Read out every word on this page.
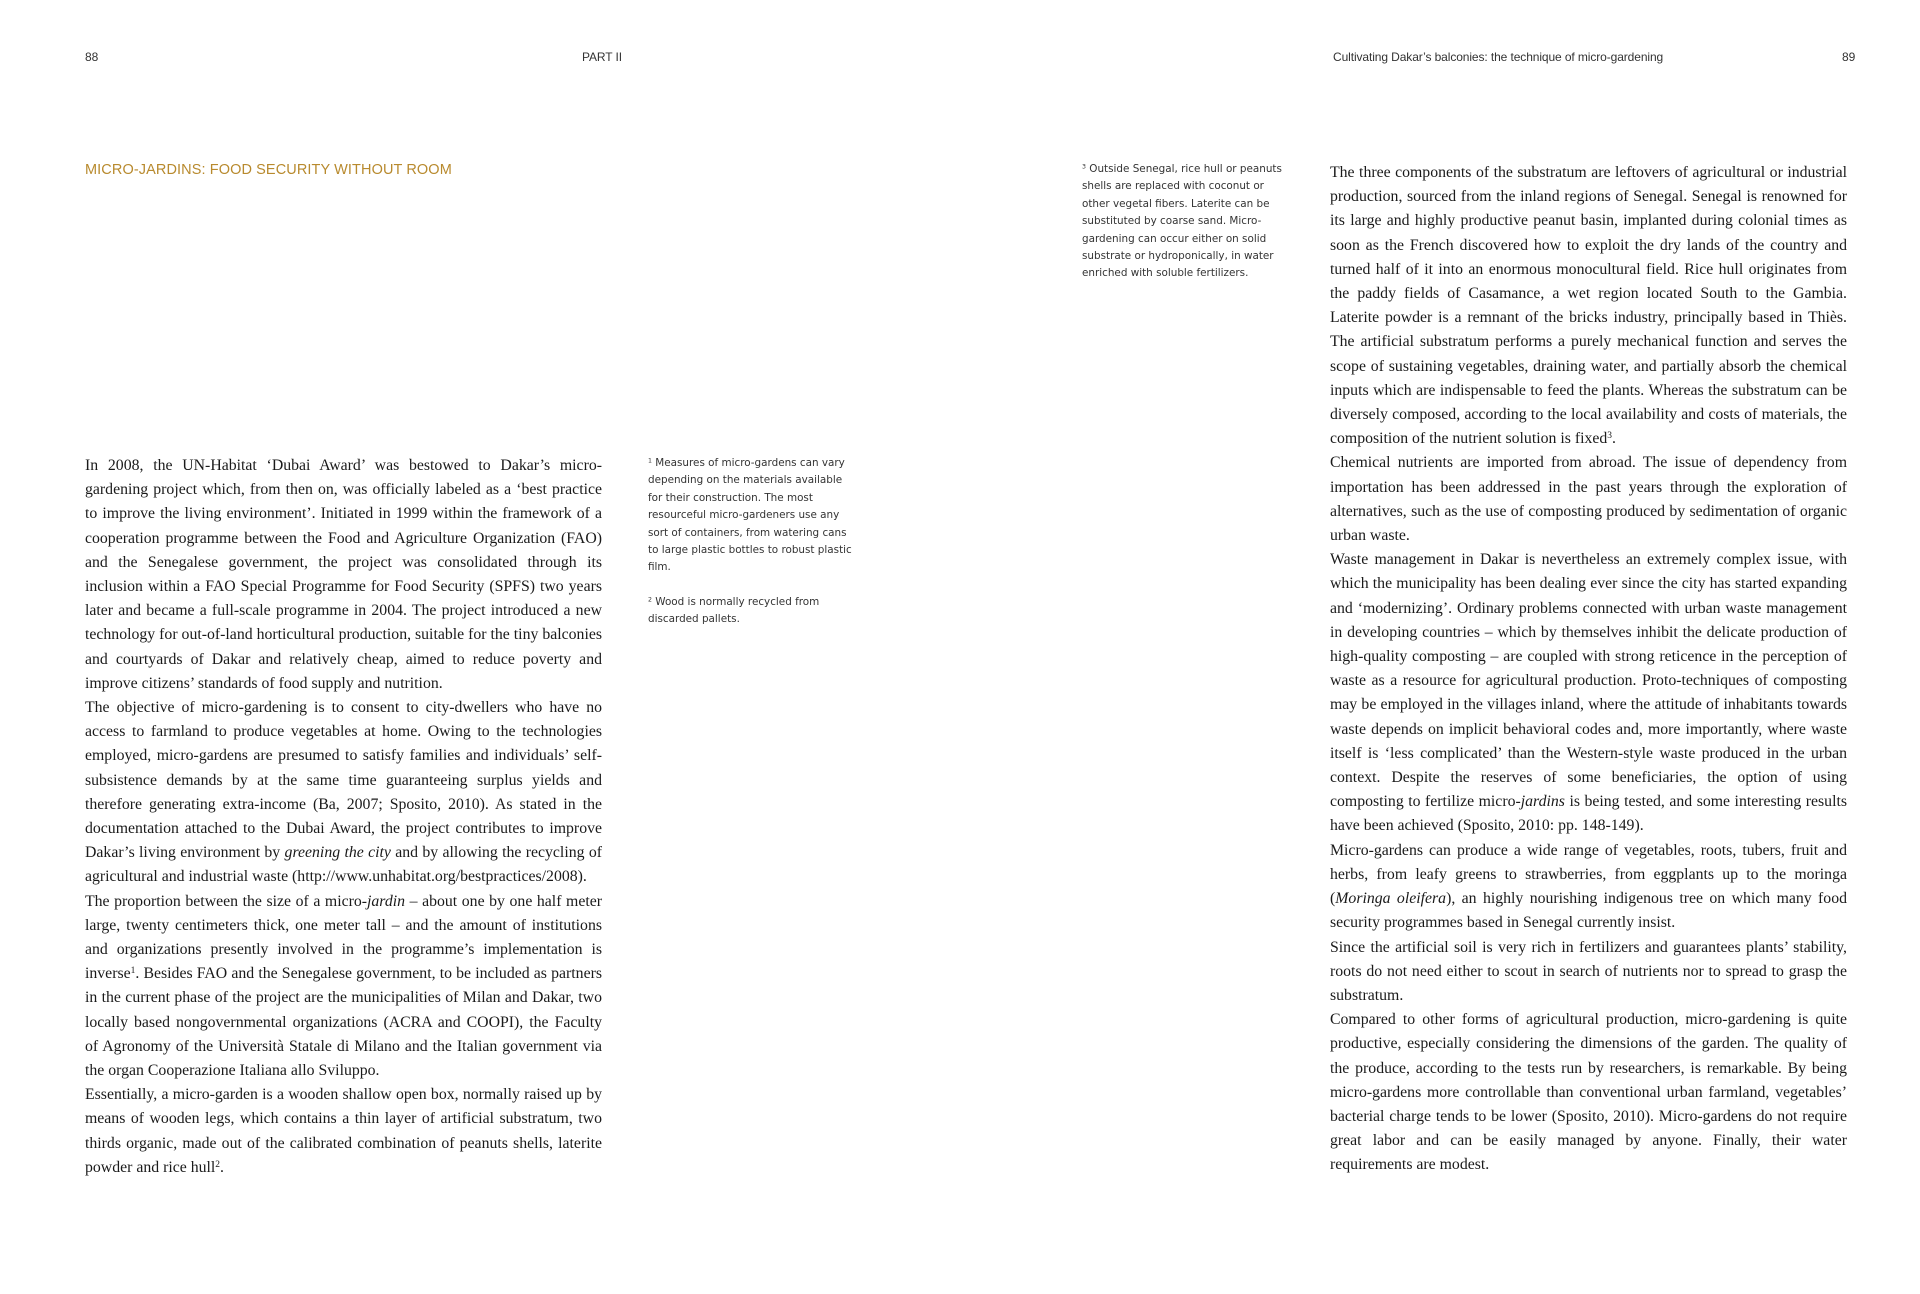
88	PART II
MICRO-JARDINS: FOOD SECURITY WITHOUT ROOM

In 2008, the UN-Habitat ‘Dubai Award’ was bestowed to Dakar’s micro-gardening project which, from then on, was officially labeled as a ‘best practice to improve the living environment’. Initiated in 1999 within the framework of a cooperation programme between the Food and Agriculture Organization (FAO) and the Senegalese government, the project was consolidated through its inclusion within a FAO Special Programme for Food Security (SPFS) two years later and became a full-scale programme in 2004. The project introduced a new technology for out-of-land horticultural production, suitable for the tiny balconies and courtyards of Dakar and relatively cheap, aimed to reduce poverty and improve citizens’ standards of food supply and nutrition.

The objective of micro-gardening is to consent to city-dwellers who have no access to farmland to produce vegetables at home. Owing to the technologies employed, micro-gardens are presumed to satisfy families and individuals’ self-subsistence demands by at the same time guaranteeing surplus yields and therefore generating extra-income (Ba, 2007; Sposito, 2010). As stated in the documentation attached to the Dubai Award, the project contributes to improve Dakar’s living environment by greening the city and by allowing the recycling of agricultural and industrial waste (http://www.unhabitat.org/bestpractices/2008).

The proportion between the size of a micro-jardin – about one by one half meter large, twenty centimeters thick, one meter tall – and the amount of institutions and organizations presently involved in the programme’s implementation is inverse$^1$. Besides FAO and the Senegalese government, to be included as partners in the current phase of the project are the municipalities of Milan and Dakar, two locally based nongovernmental organizations (ACRA and COOPI), the Faculty of Agronomy of the Università Statale di Milano and the Italian government via the organ Cooperazione Italiana allo Sviluppo.

Essentially, a micro-garden is a wooden shallow open box, normally raised up by means of wooden legs, which contains a thin layer of artificial substratum, two thirds organic, made out of the calibrated combination of peanuts shells, laterite powder and rice hull$^2$.

$^1$ Measures of micro-gardens can vary depending on the materials available for their construction. The most resourceful micro-gardeners use any sort of containers, from watering cans to large plastic bottles to robust plastic film.

$^2$ Wood is normally recycled from discarded pallets.

Cultivating Dakar’s balconies: the technique of micro-gardening	89

$^3$ Outside Senegal, rice hull or peanuts shells are replaced with coconut or other vegetal fibers. Laterite can be substituted by coarse sand. Micro-gardening can occur either on solid substrate or hydroponically, in water enriched with soluble fertilizers.

The three components of the substratum are leftovers of agricultural or industrial production, sourced from the inland regions of Senegal. Senegal is renowned for its large and highly productive peanut basin, implanted during colonial times as soon as the French discovered how to exploit the dry lands of the country and turned half of it into an enormous monocultural field. Rice hull originates from the paddy fields of Casamance, a wet region located South to the Gambia. Laterite powder is a remnant of the bricks industry, principally based in Thiès. The artificial substratum performs a purely mechanical function and serves the scope of sustaining vegetables, draining water, and partially absorb the chemical inputs which are indispensable to feed the plants. Whereas the substratum can be diversely composed, according to the local availability and costs of materials, the composition of the nutrient solution is fixed$^3$.

Chemical nutrients are imported from abroad. The issue of dependency from importation has been addressed in the past years through the exploration of alternatives, such as the use of composting produced by sedimentation of organic urban waste.

Waste management in Dakar is nevertheless an extremely complex issue, with which the municipality has been dealing ever since the city has started expanding and ‘modernizing’. Ordinary problems connected with urban waste management in developing countries – which by themselves inhibit the delicate production of high-quality composting – are coupled with strong reticence in the perception of waste as a resource for agricultural production. Proto-techniques of composting may be employed in the villages inland, where the attitude of inhabitants towards waste depends on implicit behavioral codes and, more importantly, where waste itself is ‘less complicated’ than the Western-style waste produced in the urban context. Despite the reserves of some beneficiaries, the option of using composting to fertilize micro-jardins is being tested, and some interesting results have been achieved (Sposito, 2010: pp. 148-149).

Micro-gardens can produce a wide range of vegetables, roots, tubers, fruit and herbs, from leafy greens to strawberries, from eggplants up to the moringa (Moringa oleifera), an highly nourishing indigenous tree on which many food security programmes based in Senegal currently insist.

Since the artificial soil is very rich in fertilizers and guarantees plants’ stability, roots do not need either to scout in search of nutrients nor to spread to grasp the substratum.

Compared to other forms of agricultural production, micro-gardening is quite productive, especially considering the dimensions of the garden. The quality of the produce, according to the tests run by researchers, is remarkable. By being micro-gardens more controllable than conventional urban farmland, vegetables’ bacterial charge tends to be lower (Sposito, 2010). Micro-gardens do not require great labor and can be easily managed by anyone. Finally, their water requirements are modest.
